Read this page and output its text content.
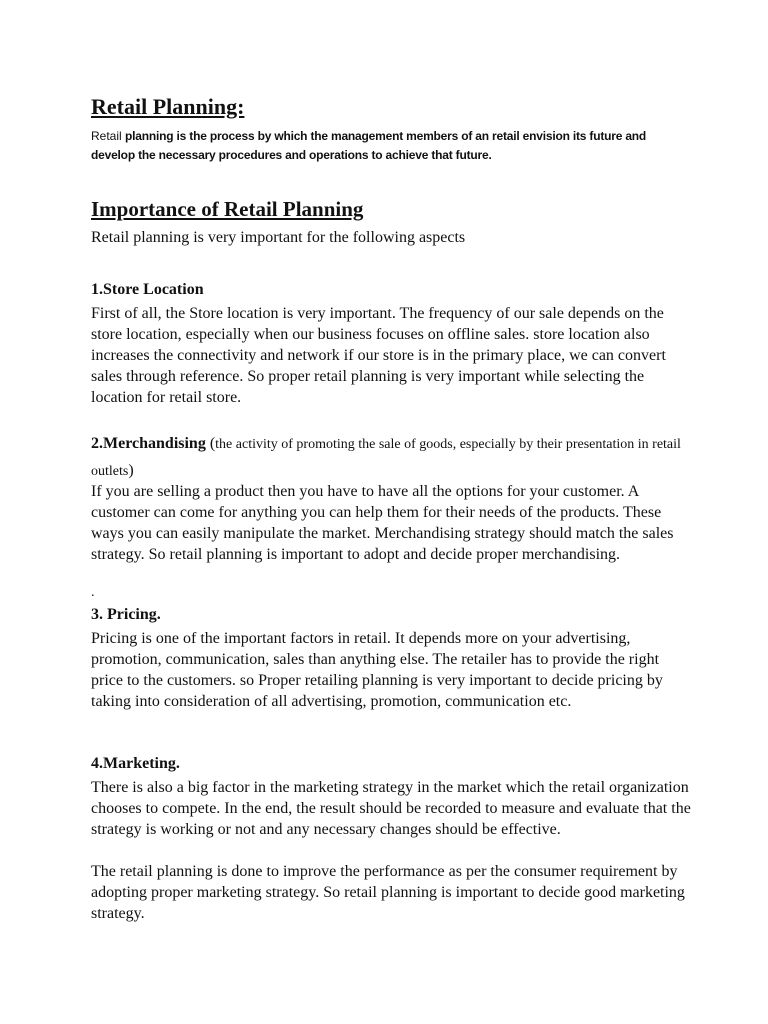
Retail Planning:

Retail planning is the process by which the management members of an retail envision its future and develop the necessary procedures and operations to achieve that future.

Importance of Retail Planning

Retail planning is very important for the following aspects

1.Store Location

First of all, the Store location is very important. The frequency of our sale depends on the store location, especially when our business focuses on offline sales. store location also increases the connectivity and network if our store is in the primary place, we can convert sales through reference. So proper retail planning is very important while selecting the location for retail store.

2.Merchandising (the activity of promoting the sale of goods, especially by their presentation in retail outlets)

If you are selling a product then you have to have all the options for your customer. A customer can come for anything you can help them for their needs of the products. These ways you can easily manipulate the market. Merchandising strategy should match the sales strategy. So retail planning is important to adopt and decide proper merchandising.

.

3. Pricing.

Pricing is one of the important factors in retail. It depends more on your advertising, promotion, communication, sales than anything else. The retailer has to provide the right price to the customers. so Proper retailing planning is very important to decide pricing by taking into consideration of all advertising, promotion, communication etc.

4.Marketing.

There is also a big factor in the marketing strategy in the market which the retail organization chooses to compete. In the end, the result should be recorded to measure and evaluate that the strategy is working or not and any necessary changes should be effective.

The retail planning is done to improve the performance as per the consumer requirement by adopting proper marketing strategy. So retail planning is important to decide good marketing strategy.
